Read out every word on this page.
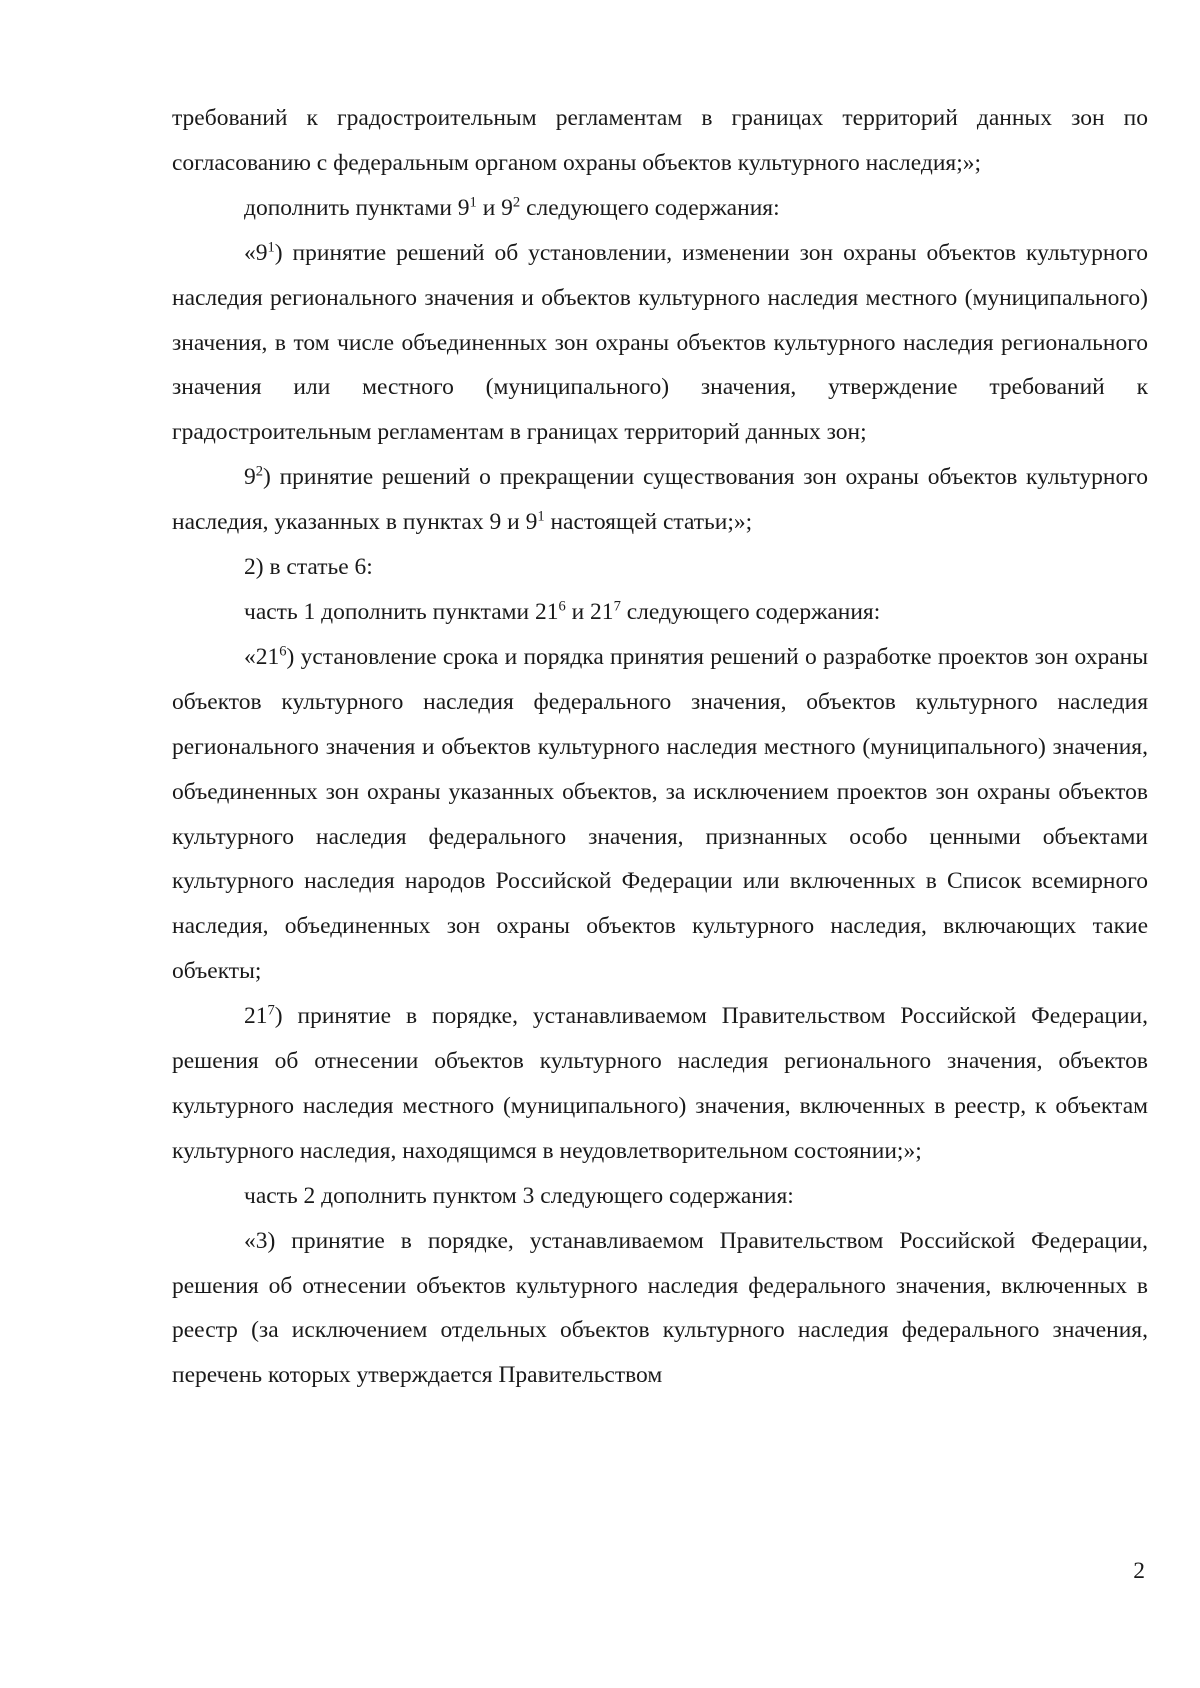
требований к градостроительным регламентам в границах территорий данных зон по согласованию с федеральным органом охраны объектов культурного наследия;»;

дополнить пунктами $9^1$ и $9^2$ следующего содержания:

«$9^1$) принятие решений об установлении, изменении зон охраны объектов культурного наследия регионального значения и объектов культурного наследия местного (муниципального) значения, в том числе объединенных зон охраны объектов культурного наследия регионального значения или местного (муниципального) значения, утверждение требований к градостроительным регламентам в границах территорий данных зон;

$9^2$) принятие решений о прекращении существования зон охраны объектов культурного наследия, указанных в пунктах 9 и $9^1$ настоящей статьи;»;

2) в статье 6:

часть 1 дополнить пунктами $21^6$ и $21^7$ следующего содержания:

«$21^6$) установление срока и порядка принятия решений о разработке проектов зон охраны объектов культурного наследия федерального значения, объектов культурного наследия регионального значения и объектов культурного наследия местного (муниципального) значения, объединенных зон охраны указанных объектов, за исключением проектов зон охраны объектов культурного наследия федерального значения, признанных особо ценными объектами культурного наследия народов Российской Федерации или включенных в Список всемирного наследия, объединенных зон охраны объектов культурного наследия, включающих такие объекты;

$21^7$) принятие в порядке, устанавливаемом Правительством Российской Федерации, решения об отнесении объектов культурного наследия регионального значения, объектов культурного наследия местного (муниципального) значения, включенных в реестр, к объектам культурного наследия, находящимся в неудовлетворительном состоянии;»;

часть 2 дополнить пунктом 3 следующего содержания:

«3) принятие в порядке, устанавливаемом Правительством Российской Федерации, решения об отнесении объектов культурного наследия федерального значения, включенных в реестр (за исключением отдельных объектов культурного наследия федерального значения, перечень которых утверждается Правительством

2
